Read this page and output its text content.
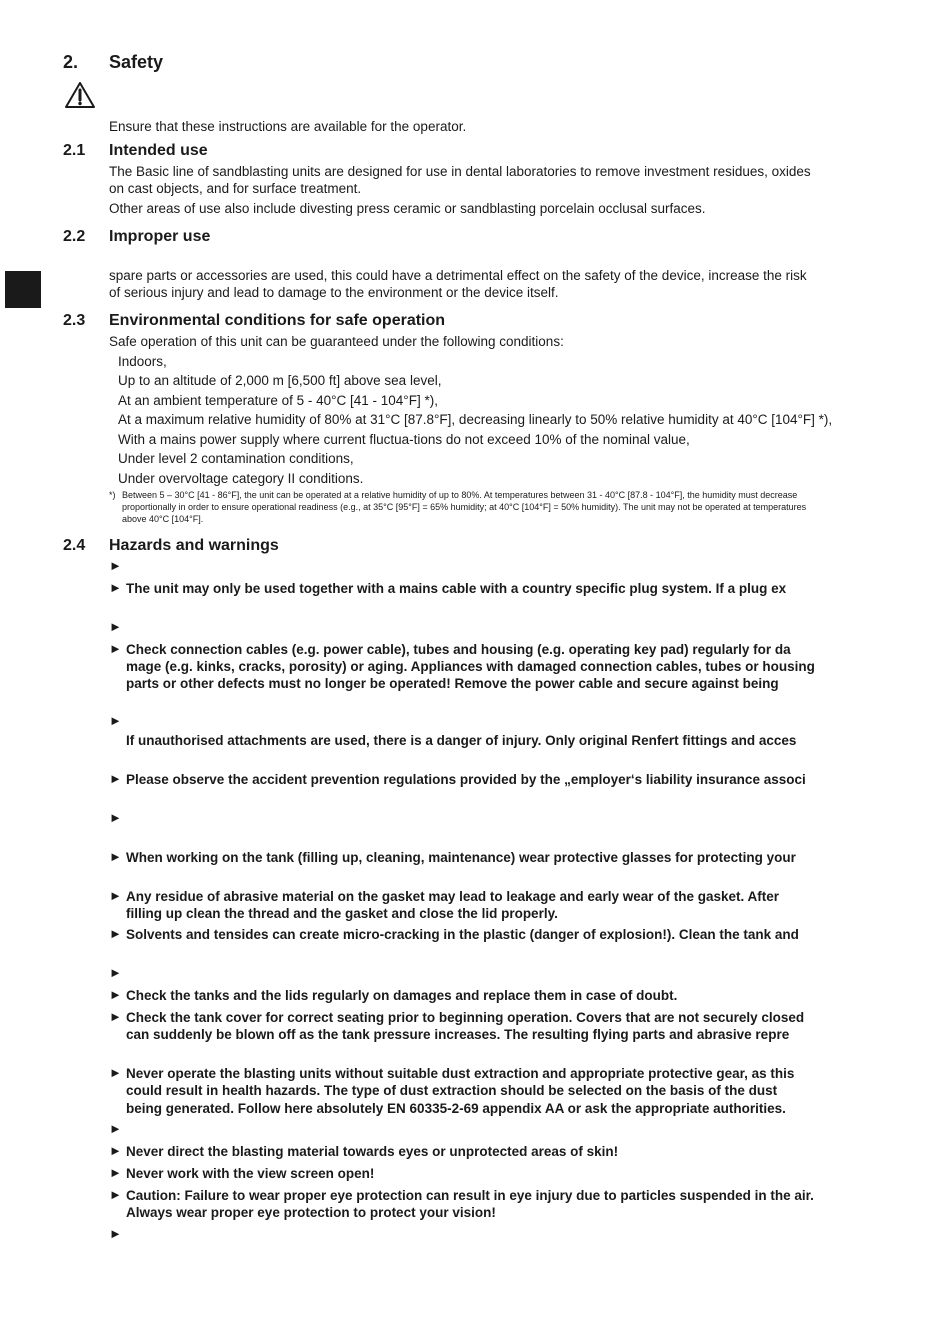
2. Safety
Ensure that these instructions are available for the operator.
2.1 Intended use
The Basic line of sandblasting units are designed for use in dental laboratories to remove investment residues, oxides
on cast objects, and for surface treatment.
Other areas of use also include divesting press ceramic or sandblasting porcelain occlusal surfaces.
2.2 Improper use
spare parts or accessories are used, this could have a detrimental effect on the safety of the device, increase the risk
of serious injury and lead to damage to the environment or the device itself.
2.3 Environmental conditions for safe operation
Safe operation of this unit can be guaranteed under the following conditions:
Indoors,
Up to an altitude of 2,000 m [6,500 ft] above sea level,
At an ambient temperature of 5 - 40°C [41 - 104°F] *),
At a maximum relative humidity of 80% at 31°C [87.8°F], decreasing linearly to 50% relative humidity at 40°C [104°F] *),
With a mains power supply where current fluctua-tions do not exceed 10% of the nominal value,
Under level 2 contamination conditions,
Under overvoltage category II conditions.
*) Between 5 – 30°C [41 - 86°F], the unit can be operated at a relative humidity of up to 80%. At temperatures between 31 - 40°C [87.8 - 104°F], the humidity must decrease
proportionally in order to ensure operational readiness (e.g., at 35°C [95°F] = 65% humidity; at 40°C [104°F] = 50% humidity). The unit may not be operated at temperatures
above 40°C [104°F].
2.4 Hazards and warnings
►
► The unit may only be used together with a mains cable with a country specific plug system. If a plug ex
►
► Check connection cables (e.g. power cable), tubes and housing (e.g. operating key pad) regularly for da
mage (e.g. kinks, cracks, porosity) or aging. Appliances with damaged connection cables, tubes or housing
parts or other defects must no longer be operated! Remove the power cable and secure against being
►
If unauthorised attachments are used, there is a danger of injury. Only original Renfert fittings and acces
► Please observe the accident prevention regulations provided by the „employer‘s liability insurance associ
►
► When working on the tank (filling up, cleaning, maintenance) wear protective glasses for protecting your
► Any residue of abrasive material on the gasket may lead to leakage and early wear of the gasket. After
filling up clean the thread and the gasket and close the lid properly.
► Solvents and tensides can create micro-cracking in the plastic (danger of explosion!). Clean the tank and
►
► Check the tanks and the lids regularly on damages and replace them in case of doubt.
► Check the tank cover for correct seating prior to beginning operation. Covers that are not securely closed
can suddenly be blown off as the tank pressure increases. The resulting flying parts and abrasive repre
► Never operate the blasting units without suitable dust extraction and appropriate protective gear, as this
could result in health hazards. The type of dust extraction should be selected on the basis of the dust
being generated. Follow here absolutely EN 60335-2-69 appendix AA or ask the appropriate authorities.
►
► Never direct the blasting material towards eyes or unprotected areas of skin!
► Never work with the view screen open!
► Caution: Failure to wear proper eye protection can result in eye injury due to particles suspended in the air.
Always wear proper eye protection to protect your vision!
►
